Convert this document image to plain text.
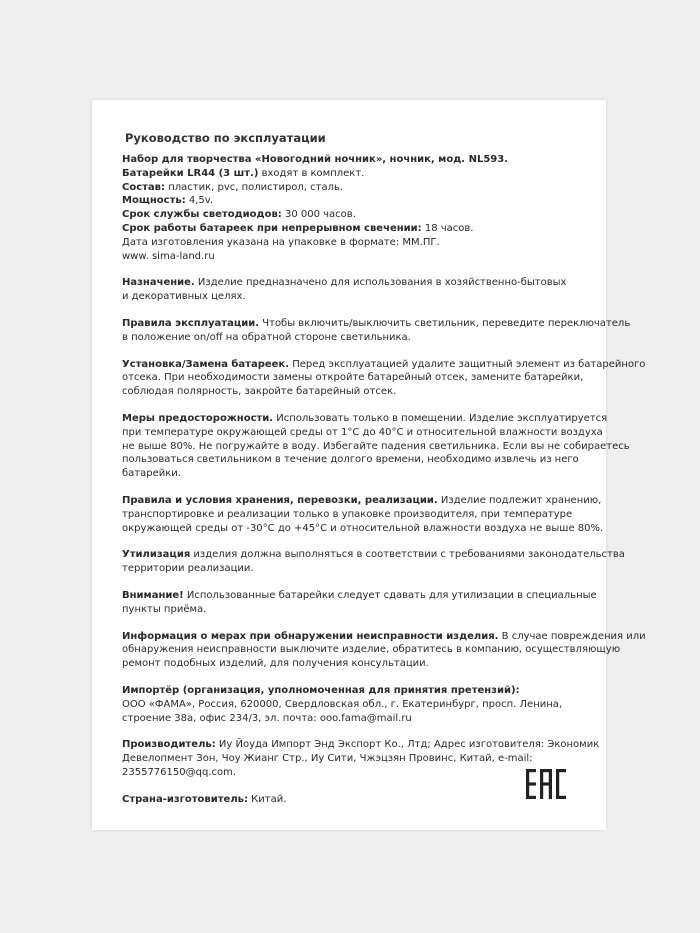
Руководство по эксплуатации
Набор для творчества «Новогодний ночник», ночник, мод. NL593.
Батарейки LR44 (3 шт.) входят в комплект.
Состав: пластик, pvc, полистирол, сталь.
Мощность: 4,5v.
Срок службы светодиодов: 30 000 часов.
Срок работы батареек при непрерывном свечении: 18 часов.
Дата изготовления указана на упаковке в формате: ММ.ПГ.
www. sima-land.ru
Назначение. Изделие предназначено для использования в хозяйственно-бытовых
и декоративных целях.
Правила эксплуатации. Чтобы включить/выключить светильник, переведите переключатель
в положение on/off на обратной стороне светильника.
Установка/Замена батареек. Перед эксплуатацией удалите защитный элемент из батарейного
отсека. При необходимости замены откройте батарейный отсек, замените батарейки,
соблюдая полярность, закройте батарейный отсек.
Меры предосторожности. Использовать только в помещении. Изделие эксплуатируется
при температуре окружающей среды от 1°С до 40°С и относительной влажности воздуха
не выше 80%. Не погружайте в воду. Избегайте падения светильника. Если вы не собираетесь
пользоваться светильником в течение долгого времени, необходимо извлечь из него
батарейки.
Правила и условия хранения, перевозки, реализации. Изделие подлежит хранению,
транспортировке и реализации только в упаковке производителя, при температуре
окружающей среды от -30°С до +45°С и относительной влажности воздуха не выше 80%.
Утилизация изделия должна выполняться в соответствии с требованиями законодательства
территории реализации.
Внимание! Использованные батарейки следует сдавать для утилизации в специальные
пункты приёма.
Информация о мерах при обнаружении неисправности изделия. В случае повреждения или
обнаружения неисправности выключите изделие, обратитесь в компанию, осуществляющую
ремонт подобных изделий, для получения консультации.
Импортёр (организация, уполномоченная для принятия претензий):
ООО «ФАМА», Россия, 620000, Свердловская обл., г. Екатеринбург, просп. Ленина,
строение 38а, офис 234/3, эл. почта: ooo.fama@mail.ru
Производитель: Иу Йоуда Импорт Энд Экспорт Ко., Лтд; Адрес изготовителя: Экономик
Девелопмент Зон, Чоу Жианг Стр., Иу Сити, Чжэцзян Провинс, Китай, e-mail:
2355776150@qq.com.
Страна-изготовитель: Китай.
